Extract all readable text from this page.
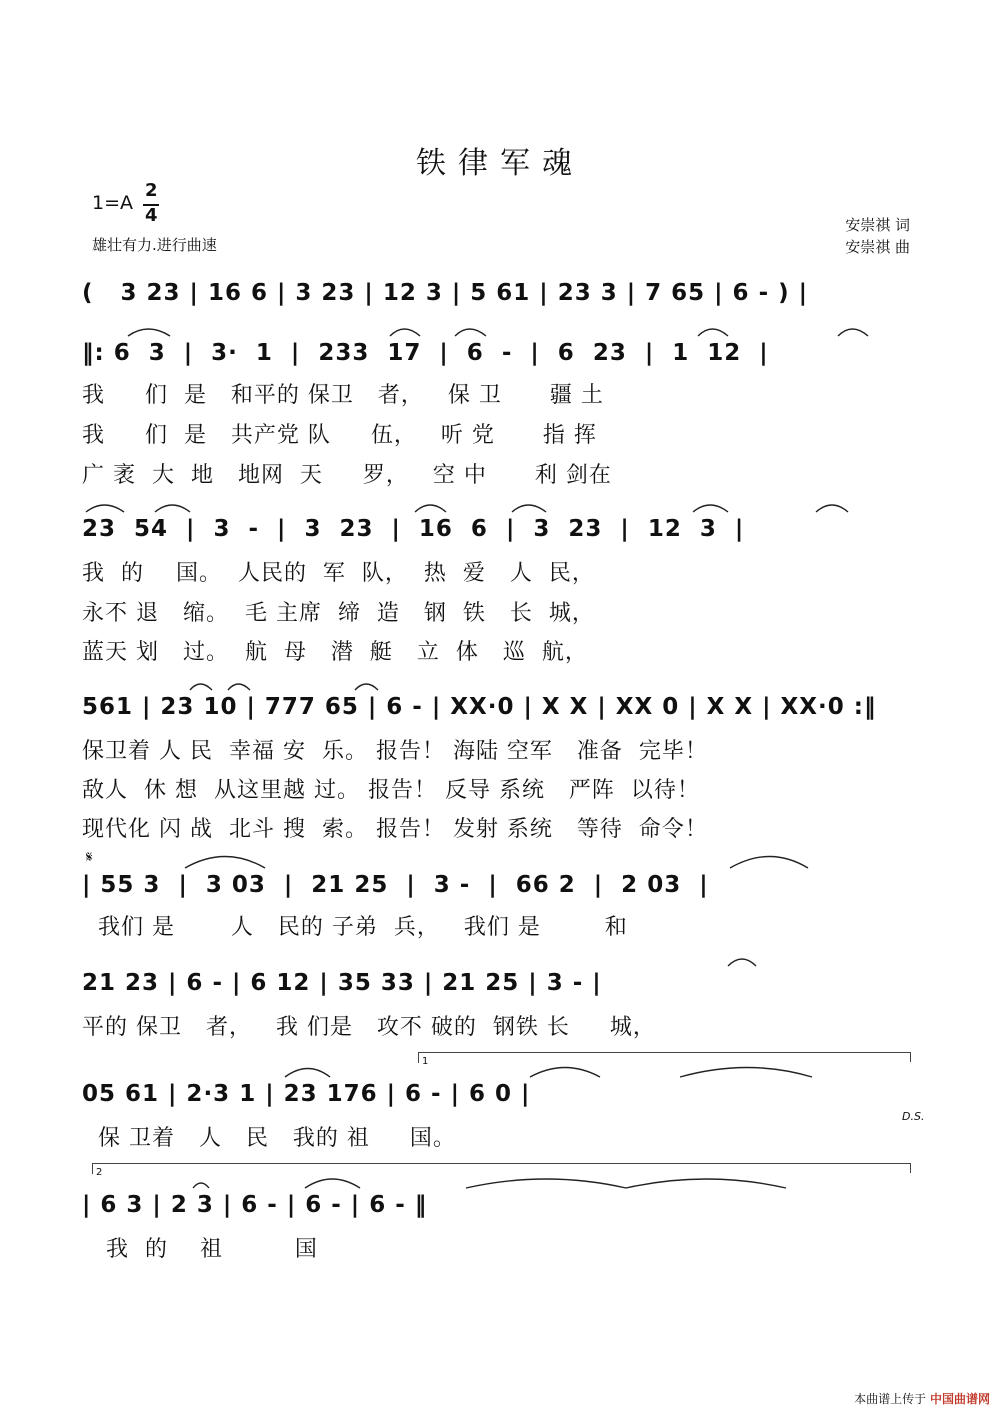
铁律军魂
1=A
2
4
雄壮有力.进行曲速
安崇祺 词
安崇祺 曲
(   3 23 | 16 6 | 3 23 | 12 3 | 5 61 | 23 3 | 7 65 | 6 - ) |
‖: 6  3  |  3·  1  |  233  17  |  6  -  |  6  23  |  1  12  |
我     们  是   和平的 保卫   者，   保 卫      疆 土
我     们  是   共产党 队     伍，   听 党      指 挥
广 袤  大  地   地网  天     罗，   空 中      利 剑在
23  54  |  3  -  |  3  23  |  16  6  |  3  23  |  12  3  |
我  的    国。  人民的  军  队，  热  爱   人  民，
永不 退   缩。  毛 主席  缔  造   钢  铁   长  城，
蓝天 划   过。  航  母   潜  艇   立  体   巡  航，
561 | 23 10 | 777 65 | 6 - | XX·0 | X X | XX 0 | X X | XX·0 :‖
保卫着 人 民  幸福 安  乐。 报告！ 海陆 空军   准备  完毕！
敌人  休 想  从这里越 过。 报告！ 反导 系统   严阵  以待！
现代化 闪 战  北斗 搜  索。 报告！ 发射 系统   等待  命令！
𝄋
| 55 3  |  3 03  |  21 25  |  3 -  |  66 2  |  2 03  |
我们 是       人   民的 子弟  兵，   我们 是        和
21 23 | 6 - | 6 12 | 35 33 | 21 25 | 3 - |
平的 保卫   者，   我 们是   攻不 破的  钢铁 长     城，
1
05 61 | 2·3 1 | 23 176 | 6 - | 6 0 |
保 卫着   人   民   我的 祖     国。
D.S.
2
| 6 3 | 2 3 | 6 - | 6 - | 6 - ‖
我  的    祖         国
本曲谱上传于 中国曲谱网
